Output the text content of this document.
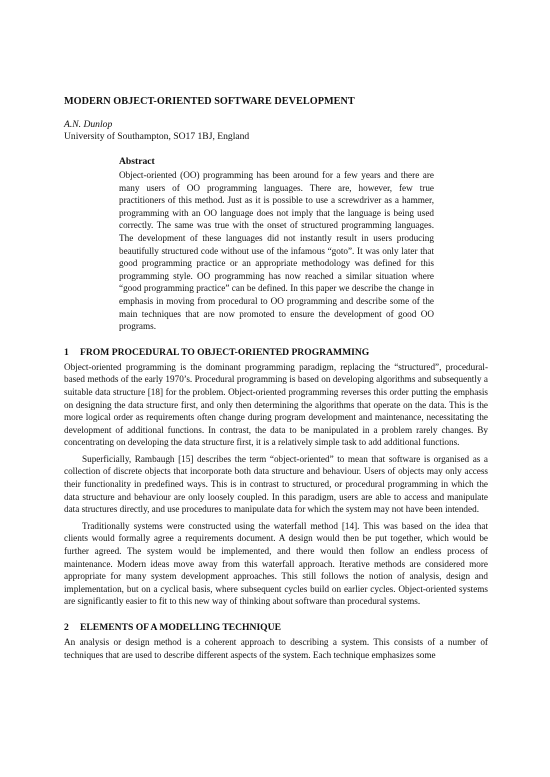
MODERN OBJECT-ORIENTED SOFTWARE DEVELOPMENT

A.N. Dunlop

University of Southampton, SO17 1BJ, England

Abstract

Object-oriented (OO) programming has been around for a few years and there are many users of OO programming languages. There are, however, few true practitioners of this method. Just as it is possible to use a screwdriver as a hammer, programming with an OO language does not imply that the language is being used correctly. The same was true with the onset of structured programming languages. The development of these languages did not instantly result in users producing beautifully structured code without use of the infamous “goto”. It was only later that good programming practice or an appropriate methodology was defined for this programming style. OO programming has now reached a similar situation where “good programming practice” can be defined. In this paper we describe the change in emphasis in moving from procedural to OO programming and describe some of the main techniques that are now promoted to ensure the development of good OO programs.

1 FROM PROCEDURAL TO OBJECT-ORIENTED PROGRAMMING

Object-oriented programming is the dominant programming paradigm, replacing the “structured”, procedural-based methods of the early 1970’s. Procedural programming is based on developing algorithms and subsequently a suitable data structure [18] for the problem. Object-oriented programming reverses this order putting the emphasis on designing the data structure first, and only then determining the algorithms that operate on the data. This is the more logical order as requirements often change during program development and maintenance, necessitating the development of additional functions. In contrast, the data to be manipulated in a problem rarely changes. By concentrating on developing the data structure first, it is a relatively simple task to add additional functions.

Superficially, Rambaugh [15] describes the term “object-oriented” to mean that software is organised as a collection of discrete objects that incorporate both data structure and behaviour. Users of objects may only access their functionality in predefined ways. This is in contrast to structured, or procedural programming in which the data structure and behaviour are only loosely coupled. In this paradigm, users are able to access and manipulate data structures directly, and use procedures to manipulate data for which the system may not have been intended.

Traditionally systems were constructed using the waterfall method [14]. This was based on the idea that clients would formally agree a requirements document. A design would then be put together, which would be further agreed. The system would be implemented, and there would then follow an endless process of maintenance. Modern ideas move away from this waterfall approach. Iterative methods are considered more appropriate for many system development approaches. This still follows the notion of analysis, design and implementation, but on a cyclical basis, where subsequent cycles build on earlier cycles. Object-oriented systems are significantly easier to fit to this new way of thinking about software than procedural systems.

2 ELEMENTS OF A MODELLING TECHNIQUE

An analysis or design method is a coherent approach to describing a system. This consists of a number of techniques that are used to describe different aspects of the system. Each technique emphasizes some
